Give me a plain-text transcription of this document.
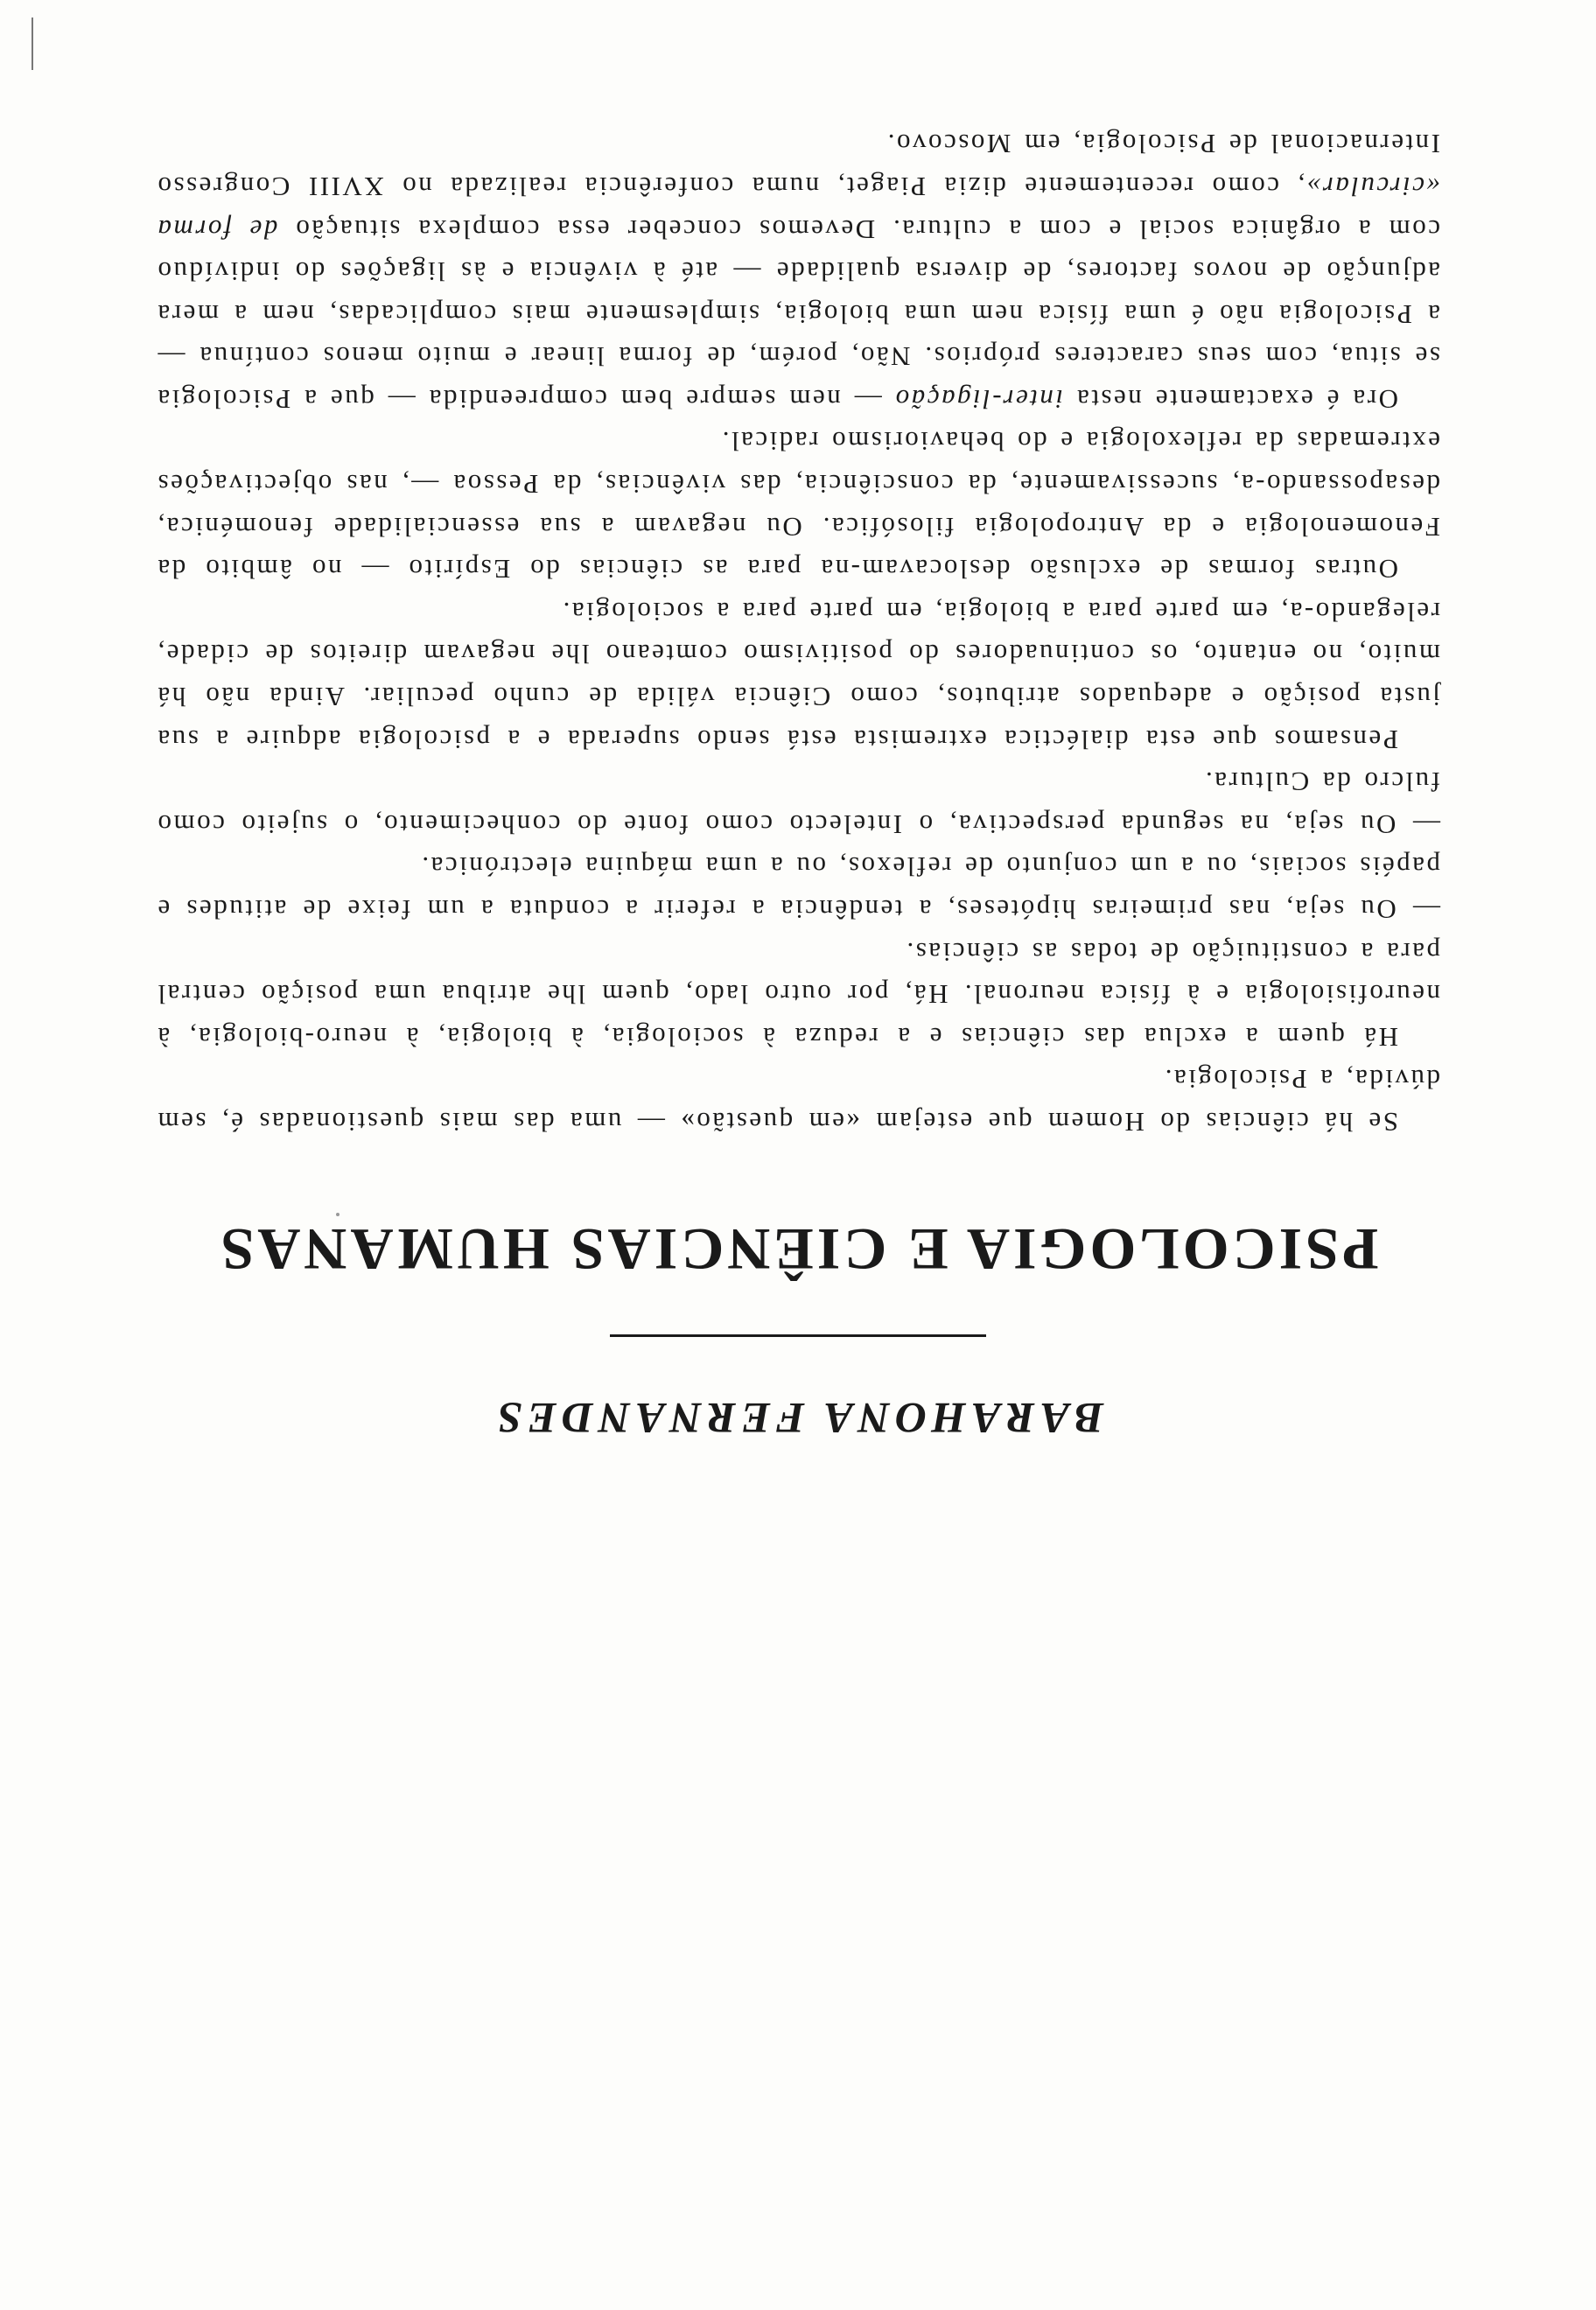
BARAHONA FERNANDES

PSICOLOGIA E CIÊNCIAS HUMANAS

Se há ciências do Homem que estejam «em questão» — uma das mais questionadas é, sem dúvida, a Psicologia.

Há quem a exclua das ciências e a reduza à sociologia, à biologia, à neuro-biologia, à neurofisiologia e à física neuronal. Há, por outro lado, quem lhe atribua uma posição central para a constituição de todas as ciências.

— Ou seja, nas primeiras hipóteses, a tendência a referir a conduta a um feixe de atitudes e papéis sociais, ou a um conjunto de reflexos, ou a uma máquina electrónica.

— Ou seja, na segunda perspectiva, o Intelecto como fonte do conhecimento, o sujeito como fulcro da Cultura.

Pensamos que esta dialéctica extremista está sendo superada e a psicologia adquire a sua justa posição e adequados atributos, como Ciência válida de cunho peculiar. Ainda não há muito, no entanto, os continuadores do positivismo comteano lhe negavam direitos de cidade, relegando-a, em parte para a biologia, em parte para a sociologia.

Outras formas de exclusão deslocavam-na para as ciências do Espírito — no âmbito da Fenomenologia e da Antropologia filosófica. Ou negavam a sua essencialidade fenoménica, desapossando-a, sucessivamente, da consciência, das vivências, da Pessoa —, nas objectivações extremadas da reflexologia e do behaviorismo radical.

Ora é exactamente nesta inter-ligação — nem sempre bem compreendida — que a Psicologia se situa, com seus caracteres próprios. Não, porém, de forma linear e muito menos contínua — a Psicologia não é uma física nem uma biologia, simplesmente mais complicadas, nem a mera adjunção de novos factores, de diversa qualidade — até à vivência e às ligações do indivíduo com a orgânica social e com a cultura. Devemos conceber essa complexa situação de forma «circular», como recentemente dizia Piaget, numa conferência realizada no XVIII Congresso Internacional de Psicologia, em Moscovo.
